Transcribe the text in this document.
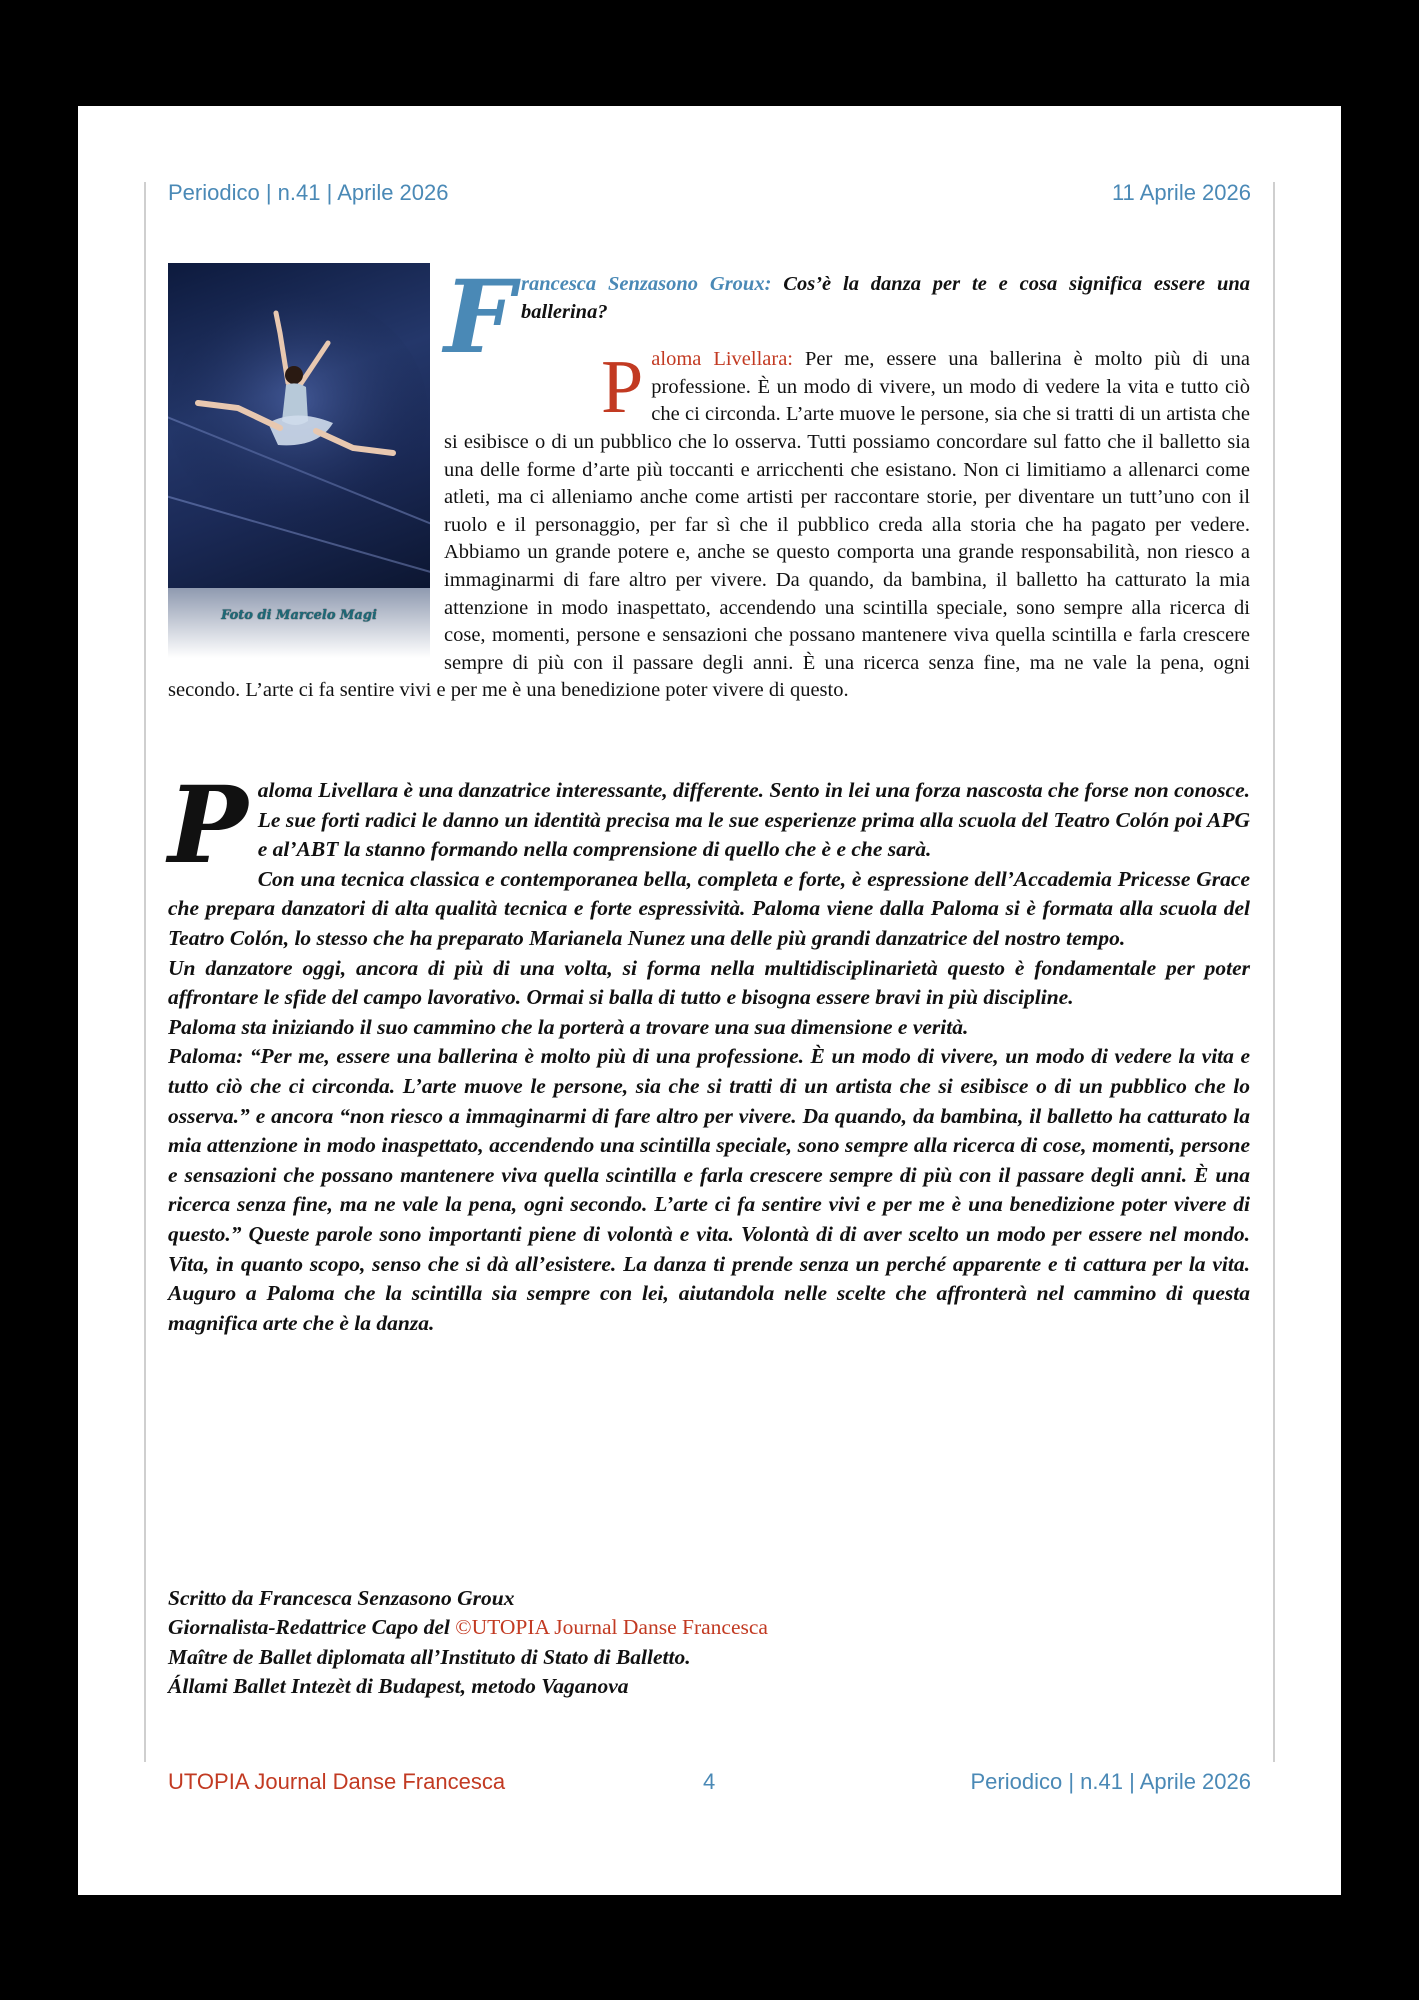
Periodico | n.41 | Aprile 2026	11 Aprile 2026
Foto di Marcelo Magi
F rancesca Senzasono Groux: Cos’è la danza per te e cosa significa essere una ballerina?
P aloma Livellara: Per me, essere una ballerina è molto più di una professione. È un modo di vivere, un modo di vedere la vita e tutto ciò che ci circonda. L’arte muove le persone, sia che si tratti di un artista che si esibisce o di un pubblico che lo osserva. Tutti possiamo concordare sul fatto che il balletto sia una delle forme d’arte più toccanti e arricchenti che esistano. Non ci limitiamo a allenarci come atleti, ma ci alleniamo anche come artisti per raccontare storie, per diventare un tutt’uno con il ruolo e il personaggio, per far sì che il pubblico creda alla storia che ha pagato per vedere. Abbiamo un grande potere e, anche se questo comporta una grande responsabilità, non riesco a immaginarmi di fare altro per vivere. Da quando, da bambina, il balletto ha catturato la mia attenzione in modo inaspettato, accendendo una scintilla speciale, sono sempre alla ricerca di cose, momenti, persone e sensazioni che possano mantenere viva quella scintilla e farla crescere sempre di più con il passare degli anni. È una ricerca senza fine, ma ne vale la pena, ogni secondo. L’arte ci fa sentire vivi e per me è una benedizione poter vivere di questo.

Paloma Livellara è una danzatrice interessante, differente. Sento in lei una forza nascosta che forse non conosce. Le sue forti radici le danno un identità precisa ma le sue esperienze prima alla scuola del Teatro Colón poi APG e al’ABT la stanno formando nella comprensione di quello che è e che sarà.

Con una tecnica classica e contemporanea bella, completa e forte, è espressione dell’Accademia Pricesse Grace che prepara danzatori di alta qualità tecnica e forte espressività. Paloma viene dalla Paloma si è formata alla scuola del Teatro Colón, lo stesso che ha preparato Marianela Nunez una delle più grandi danzatrice del nostro tempo.

Un danzatore oggi, ancora di più di una volta, si forma nella multidisciplinarietà questo è fondamentale per poter affrontare le sfide del campo lavorativo. Ormai si balla di tutto e bisogna essere bravi in più discipline.

Paloma sta iniziando il suo cammino che la porterà a trovare una sua dimensione e verità.

Paloma: “Per me, essere una ballerina è molto più di una professione. È un modo di vivere, un modo di vedere la vita e tutto ciò che ci circonda. L’arte muove le persone, sia che si tratti di un artista che si esibisce o di un pubblico che lo osserva.” e ancora “non riesco a immaginarmi di fare altro per vivere. Da quando, da bambina, il balletto ha catturato la mia attenzione in modo inaspettato, accendendo una scintilla speciale, sono sempre alla ricerca di cose, momenti, persone e sensazioni che possano mantenere viva quella scintilla e farla crescere sempre di più con il passare degli anni. È una ricerca senza fine, ma ne vale la pena, ogni secondo. L’arte ci fa sentire vivi e per me è una benedizione poter vivere di questo.” Queste parole sono importanti piene di volontà e vita. Volontà di di aver scelto un modo per essere nel mondo. Vita, in quanto scopo, senso che si dà all’esistere. La danza ti prende senza un perché apparente e ti cattura per la vita. Auguro a Paloma che la scintilla sia sempre con lei, aiutandola nelle scelte che affronterà nel cammino di questa magnifica arte che è la danza.

Scritto da Francesca Senzasono Groux
Giornalista-Redattrice Capo del ©UTOPIA Journal Danse Francesca
Maître de Ballet diplomata all’Instituto di Stato di Balletto.
Állami Ballet Intezèt di Budapest, metodo Vaganova
UTOPIA Journal Danse Francesca	4	Periodico | n.41 | Aprile 2026
